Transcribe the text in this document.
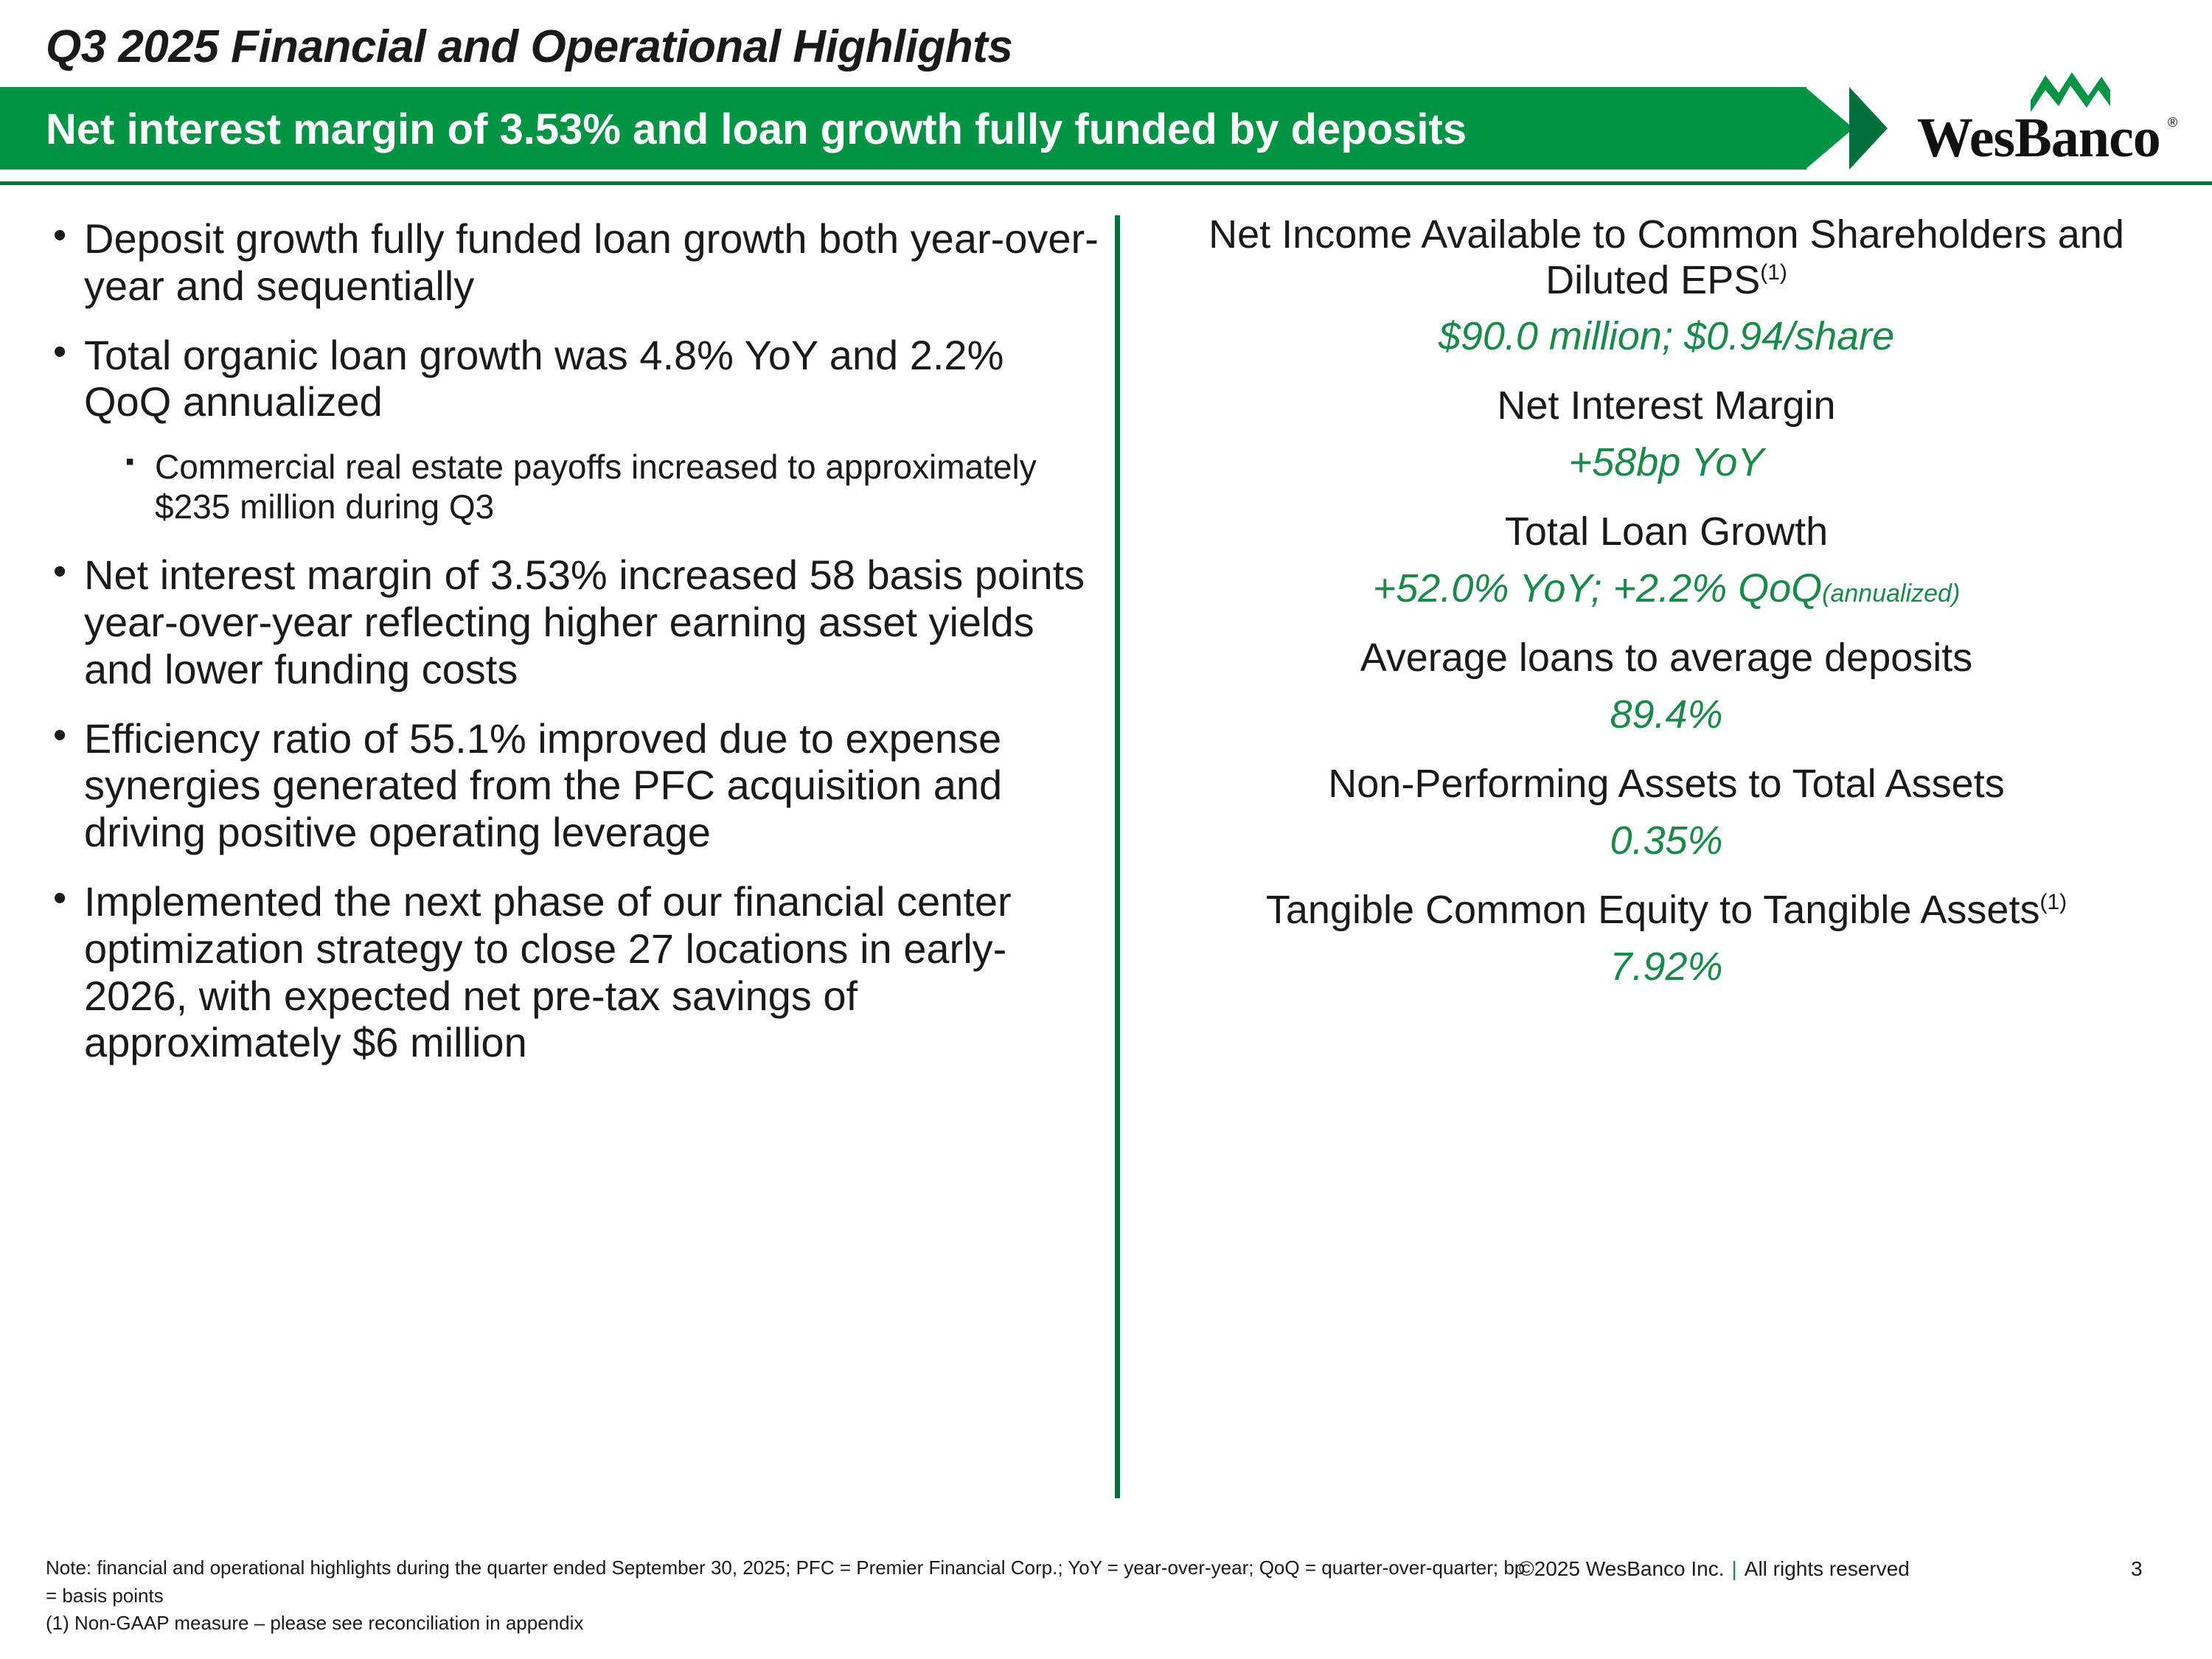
Q3 2025 Financial and Operational Highlights
Net interest margin of 3.53% and loan growth fully funded by deposits	WesBanco ®
• Deposit growth fully funded loan growth both year-over-year and sequentially
• Total organic loan growth was 4.8% YoY and 2.2% QoQ annualized
▪ Commercial real estate payoffs increased to approximately $235 million during Q3
• Net interest margin of 3.53% increased 58 basis points year-over-year reflecting higher earning asset yields and lower funding costs
• Efficiency ratio of 55.1% improved due to expense synergies generated from the PFC acquisition and driving positive operating leverage
• Implemented the next phase of our financial center optimization strategy to close 27 locations in early-2026, with expected net pre-tax savings of approximately $6 million
Net Income Available to Common Shareholders and Diluted EPS$^{(1)}$
$90.0 million; $0.94/share
Net Interest Margin
+58bp YoY
Total Loan Growth
+52.0% YoY; +2.2% QoQ(annualized)
Average loans to average deposits
89.4%
Non-Performing Assets to Total Assets
0.35%
Tangible Common Equity to Tangible Assets$^{(1)}$
7.92%
Note: financial and operational highlights during the quarter ended September 30, 2025; PFC = Premier Financial Corp.; YoY = year-over-year; QoQ = quarter-over-quarter; bp = basis points
(1) Non-GAAP measure – please see reconciliation in appendix
©2025 WesBanco Inc. | All rights reserved	3
